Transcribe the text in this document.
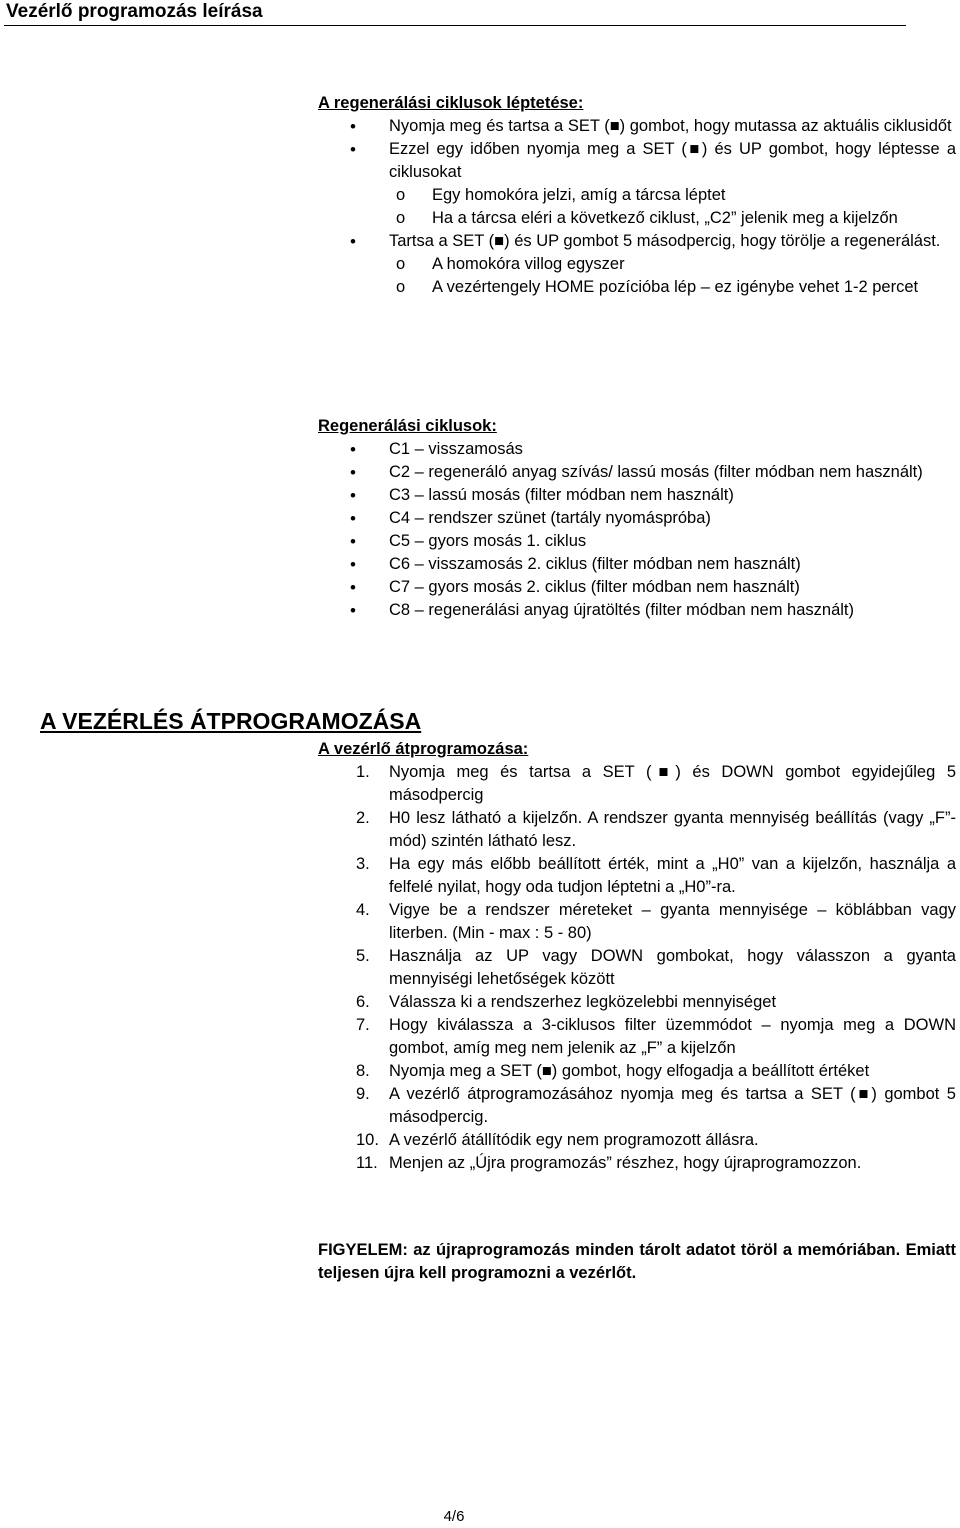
Vezérlő programozás leírása
A regenerálási ciklusok léptetése:
• Nyomja meg és tartsa a SET (■) gombot, hogy mutassa az aktuális ciklusidőt
• Ezzel egy időben nyomja meg a SET (■) és UP gombot, hogy léptesse a ciklusokat
o Egy homokóra jelzi, amíg a tárcsa léptet
o Ha a tárcsa eléri a következő ciklust, „C2” jelenik meg a kijelzőn
• Tartsa a SET (■) és UP gombot 5 másodpercig, hogy törölje a regenerálást.
o A homokóra villog egyszer
o A vezértengely HOME pozícióba lép – ez igénybe vehet 1-2 percet
Regenerálási ciklusok:
• C1 – visszamosás
• C2 – regeneráló anyag szívás/ lassú mosás (filter módban nem használt)
• C3 – lassú mosás (filter módban nem használt)
• C4 – rendszer szünet (tartály nyomáspróba)
• C5 – gyors mosás 1. ciklus
• C6 – visszamosás 2. ciklus (filter módban nem használt)
• C7 – gyors mosás 2. ciklus (filter módban nem használt)
• C8 – regenerálási anyag újratöltés (filter módban nem használt)
A VEZÉRLÉS ÁTPROGRAMOZÁSA
A vezérlő átprogramozása:
1. Nyomja meg és tartsa a SET (■) és DOWN gombot egyidejűleg 5 másodpercig
2. H0 lesz látható a kijelzőn. A rendszer gyanta mennyiség beállítás (vagy „F”-mód) szintén látható lesz.
3. Ha egy más előbb beállított érték, mint a „H0” van a kijelzőn, használja a felfelé nyilat, hogy oda tudjon léptetni a „H0”-ra.
4. Vigye be a rendszer méreteket – gyanta mennyisége – köblábban vagy literben. (Min - max : 5 - 80)
5. Használja az UP vagy DOWN gombokat, hogy válasszon a gyanta mennyiségi lehetőségek között
6. Válassza ki a rendszerhez legközelebbi mennyiséget
7. Hogy kiválassza a 3-ciklusos filter üzemmódot – nyomja meg a DOWN gombot, amíg meg nem jelenik az „F” a kijelzőn
8. Nyomja meg a SET (■) gombot, hogy elfogadja a beállított értéket
9. A vezérlő átprogramozásához nyomja meg és tartsa a SET (■) gombot 5 másodpercig.
10. A vezérlő átállítódik egy nem programozott állásra.
11. Menjen az „Újra programozás” részhez, hogy újraprogramozzon.
FIGYELEM: az újraprogramozás minden tárolt adatot töröl a memóriában. Emiatt teljesen újra kell programozni a vezérlőt.
4/6
